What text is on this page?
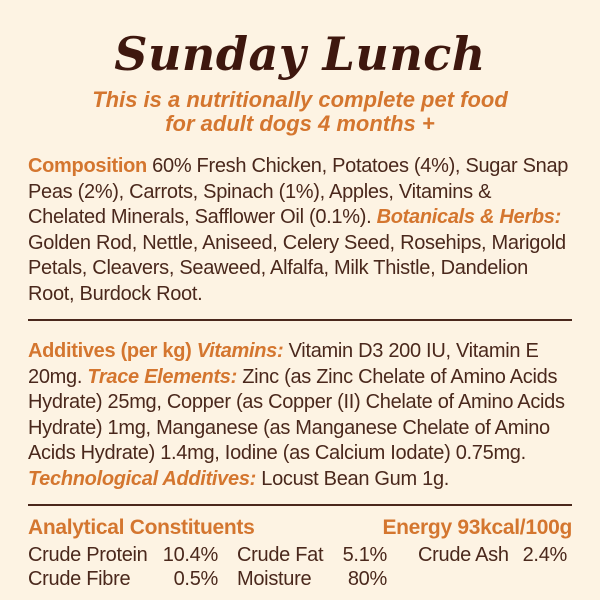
Sunday Lunch
This is a nutritionally complete pet food
for adult dogs 4 months +
Composition 60% Fresh Chicken, Potatoes (4%), Sugar Snap Peas (2%), Carrots, Spinach (1%), Apples, Vitamins & Chelated Minerals, Safflower Oil (0.1%). Botanicals & Herbs: Golden Rod, Nettle, Aniseed, Celery Seed, Rosehips, Marigold Petals, Cleavers, Seaweed, Alfalfa, Milk Thistle, Dandelion Root, Burdock Root.
Additives (per kg) Vitamins: Vitamin D3 200 IU, Vitamin E 20mg. Trace Elements: Zinc (as Zinc Chelate of Amino Acids Hydrate) 25mg, Copper (as Copper (II) Chelate of Amino Acids Hydrate) 1mg, Manganese (as Manganese Chelate of Amino Acids Hydrate) 1.4mg, Iodine (as Calcium Iodate) 0.75mg. Technological Additives: Locust Bean Gum 1g.
Analytical Constituents	Energy 93kcal/100g
Crude Protein 10.4% Crude Fat 5.1% Crude Ash 2.4%
Crude Fibre 0.5% Moisture 80%
